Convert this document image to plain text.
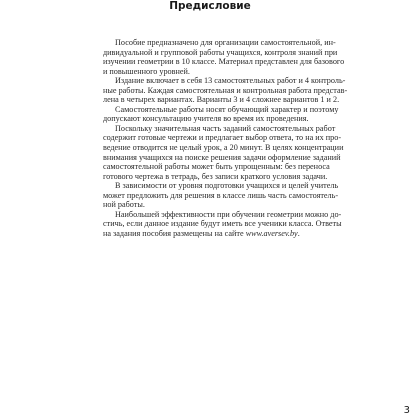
Предисловие

Пособие предназначено для организации самостоятельной, ин-
дивидуальной и групповой работы учащихся, контроля знаний при
изучении геометрии в 10 классе. Материал представлен для базового
и повышенного уровней.

Издание включает в себя 13 самостоятельных работ и 4 контроль-
ные работы. Каждая самостоятельная и контрольная работа представ-
лена в четырех вариантах. Варианты 3 и 4 сложнее вариантов 1 и 2.

Самостоятельные работы носят обучающий характер и поэтому
допускают консультацию учителя во время их проведения.

Поскольку значительная часть заданий самостоятельных работ
содержит готовые чертежи и предлагает выбор ответа, то на их про-
ведение отводится не целый урок, а 20 минут. В целях концентрации
внимания учащихся на поиске решения задачи оформление заданий
самостоятельной работы может быть упрощенным: без переноса
готового чертежа в тетрадь, без записи краткого условия задачи.

В зависимости от уровня подготовки учащихся и целей учитель
может предложить для решения в классе лишь часть самостоятель-
ной работы.

Наибольшей эффективности при обучении геометрии можно до-
стичь, если данное издание будут иметь все ученики класса. Ответы
на задания пособия размещены на сайте www.aversev.by.

3
